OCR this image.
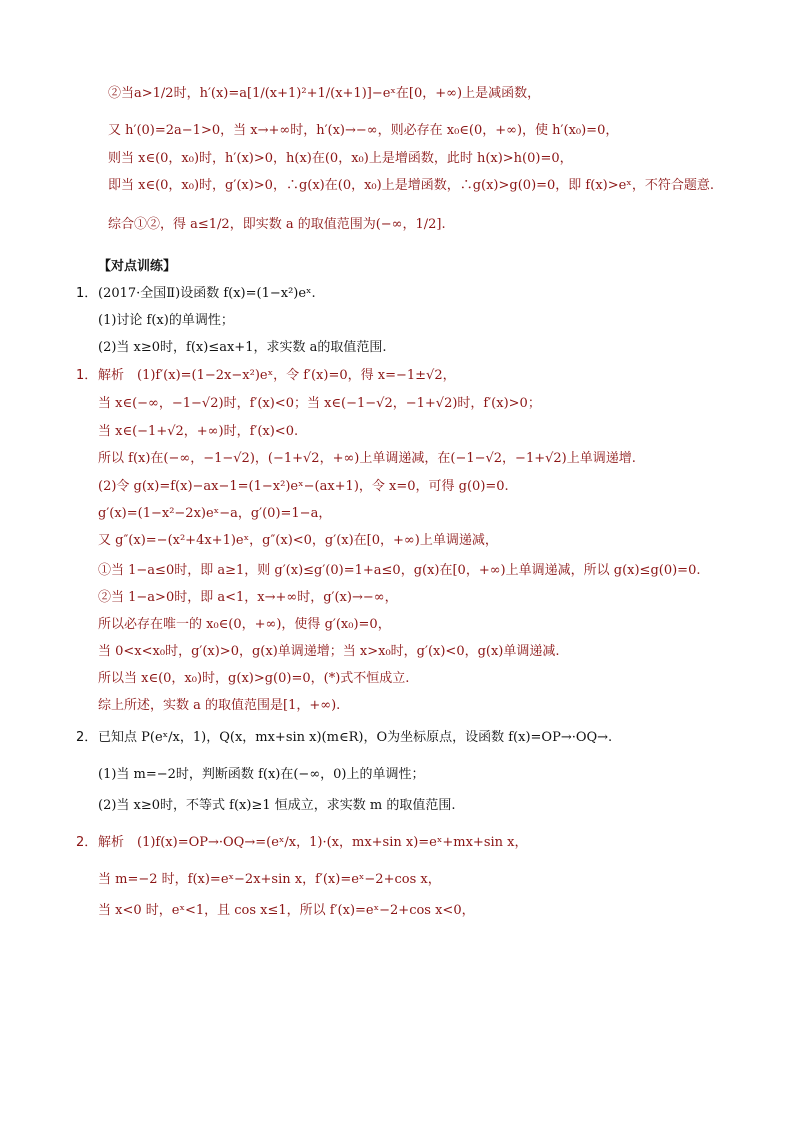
②当a>1/2时，h′(x)=a[1/(x+1)²+1/(x+1)]−eˣ在[0，+∞)上是减函数，
又 h′(0)=2a−1>0，当 x→+∞时，h′(x)→−∞，则必存在 x₀∈(0，+∞)，使 h′(x₀)=0，
则当 x∈(0，x₀)时，h′(x)>0，h(x)在(0，x₀)上是增函数，此时 h(x)>h(0)=0，
即当 x∈(0，x₀)时，g′(x)>0，∴g(x)在(0，x₀)上是增函数，∴g(x)>g(0)=0，即 f(x)>eˣ，不符合题意.
综合①②，得 a≤1/2，即实数 a 的取值范围为(−∞，1/2].
【对点训练】
1．(2017·全国Ⅱ)设函数 f(x)=(1−x²)eˣ.
(1)讨论 f(x)的单调性；
(2)当 x≥0时，f(x)≤ax+1，求实数 a的取值范围.
1．解析　(1)f′(x)=(1−2x−x²)eˣ，令 f′(x)=0，得 x=−1±√2，
当 x∈(−∞，−1−√2)时，f′(x)<0；当 x∈(−1−√2，−1+√2)时，f′(x)>0；
当 x∈(−1+√2，+∞)时，f′(x)<0.
所以 f(x)在(−∞，−1−√2)，(−1+√2，+∞)上单调递减，在(−1−√2，−1+√2)上单调递增.
(2)令 g(x)=f(x)−ax−1=(1−x²)eˣ−(ax+1)，令 x=0，可得 g(0)=0.
g′(x)=(1−x²−2x)eˣ−a，g′(0)=1−a，
又 g″(x)=−(x²+4x+1)eˣ，g″(x)<0，g′(x)在[0，+∞)上单调递减，
①当 1−a≤0时，即 a≥1，则 g′(x)≤g′(0)=1+a≤0，g(x)在[0，+∞)上单调递减，所以 g(x)≤g(0)=0.
②当 1−a>0时，即 a<1，x→+∞时，g′(x)→−∞，
所以必存在唯一的 x₀∈(0，+∞)，使得 g′(x₀)=0，
当 0<x<x₀时，g′(x)>0，g(x)单调递增；当 x>x₀时，g′(x)<0，g(x)单调递减.
所以当 x∈(0，x₀)时，g(x)>g(0)=0，(*)式不恒成立.
综上所述，实数 a 的取值范围是[1，+∞).
2．已知点 P(eˣ/x，1)，Q(x，mx+sin x)(m∈R)，O为坐标原点，设函数 f(x)=OP→·OQ→.
(1)当 m=−2时，判断函数 f(x)在(−∞，0)上的单调性；
(2)当 x≥0时，不等式 f(x)≥1 恒成立，求实数 m 的取值范围.
2．解析　(1)f(x)=OP→·OQ→=(eˣ/x，1)·(x，mx+sin x)=eˣ+mx+sin x，
当 m=−2 时，f(x)=eˣ−2x+sin x，f′(x)=eˣ−2+cos x，
当 x<0 时，eˣ<1，且 cos x≤1，所以 f′(x)=eˣ−2+cos x<0，
